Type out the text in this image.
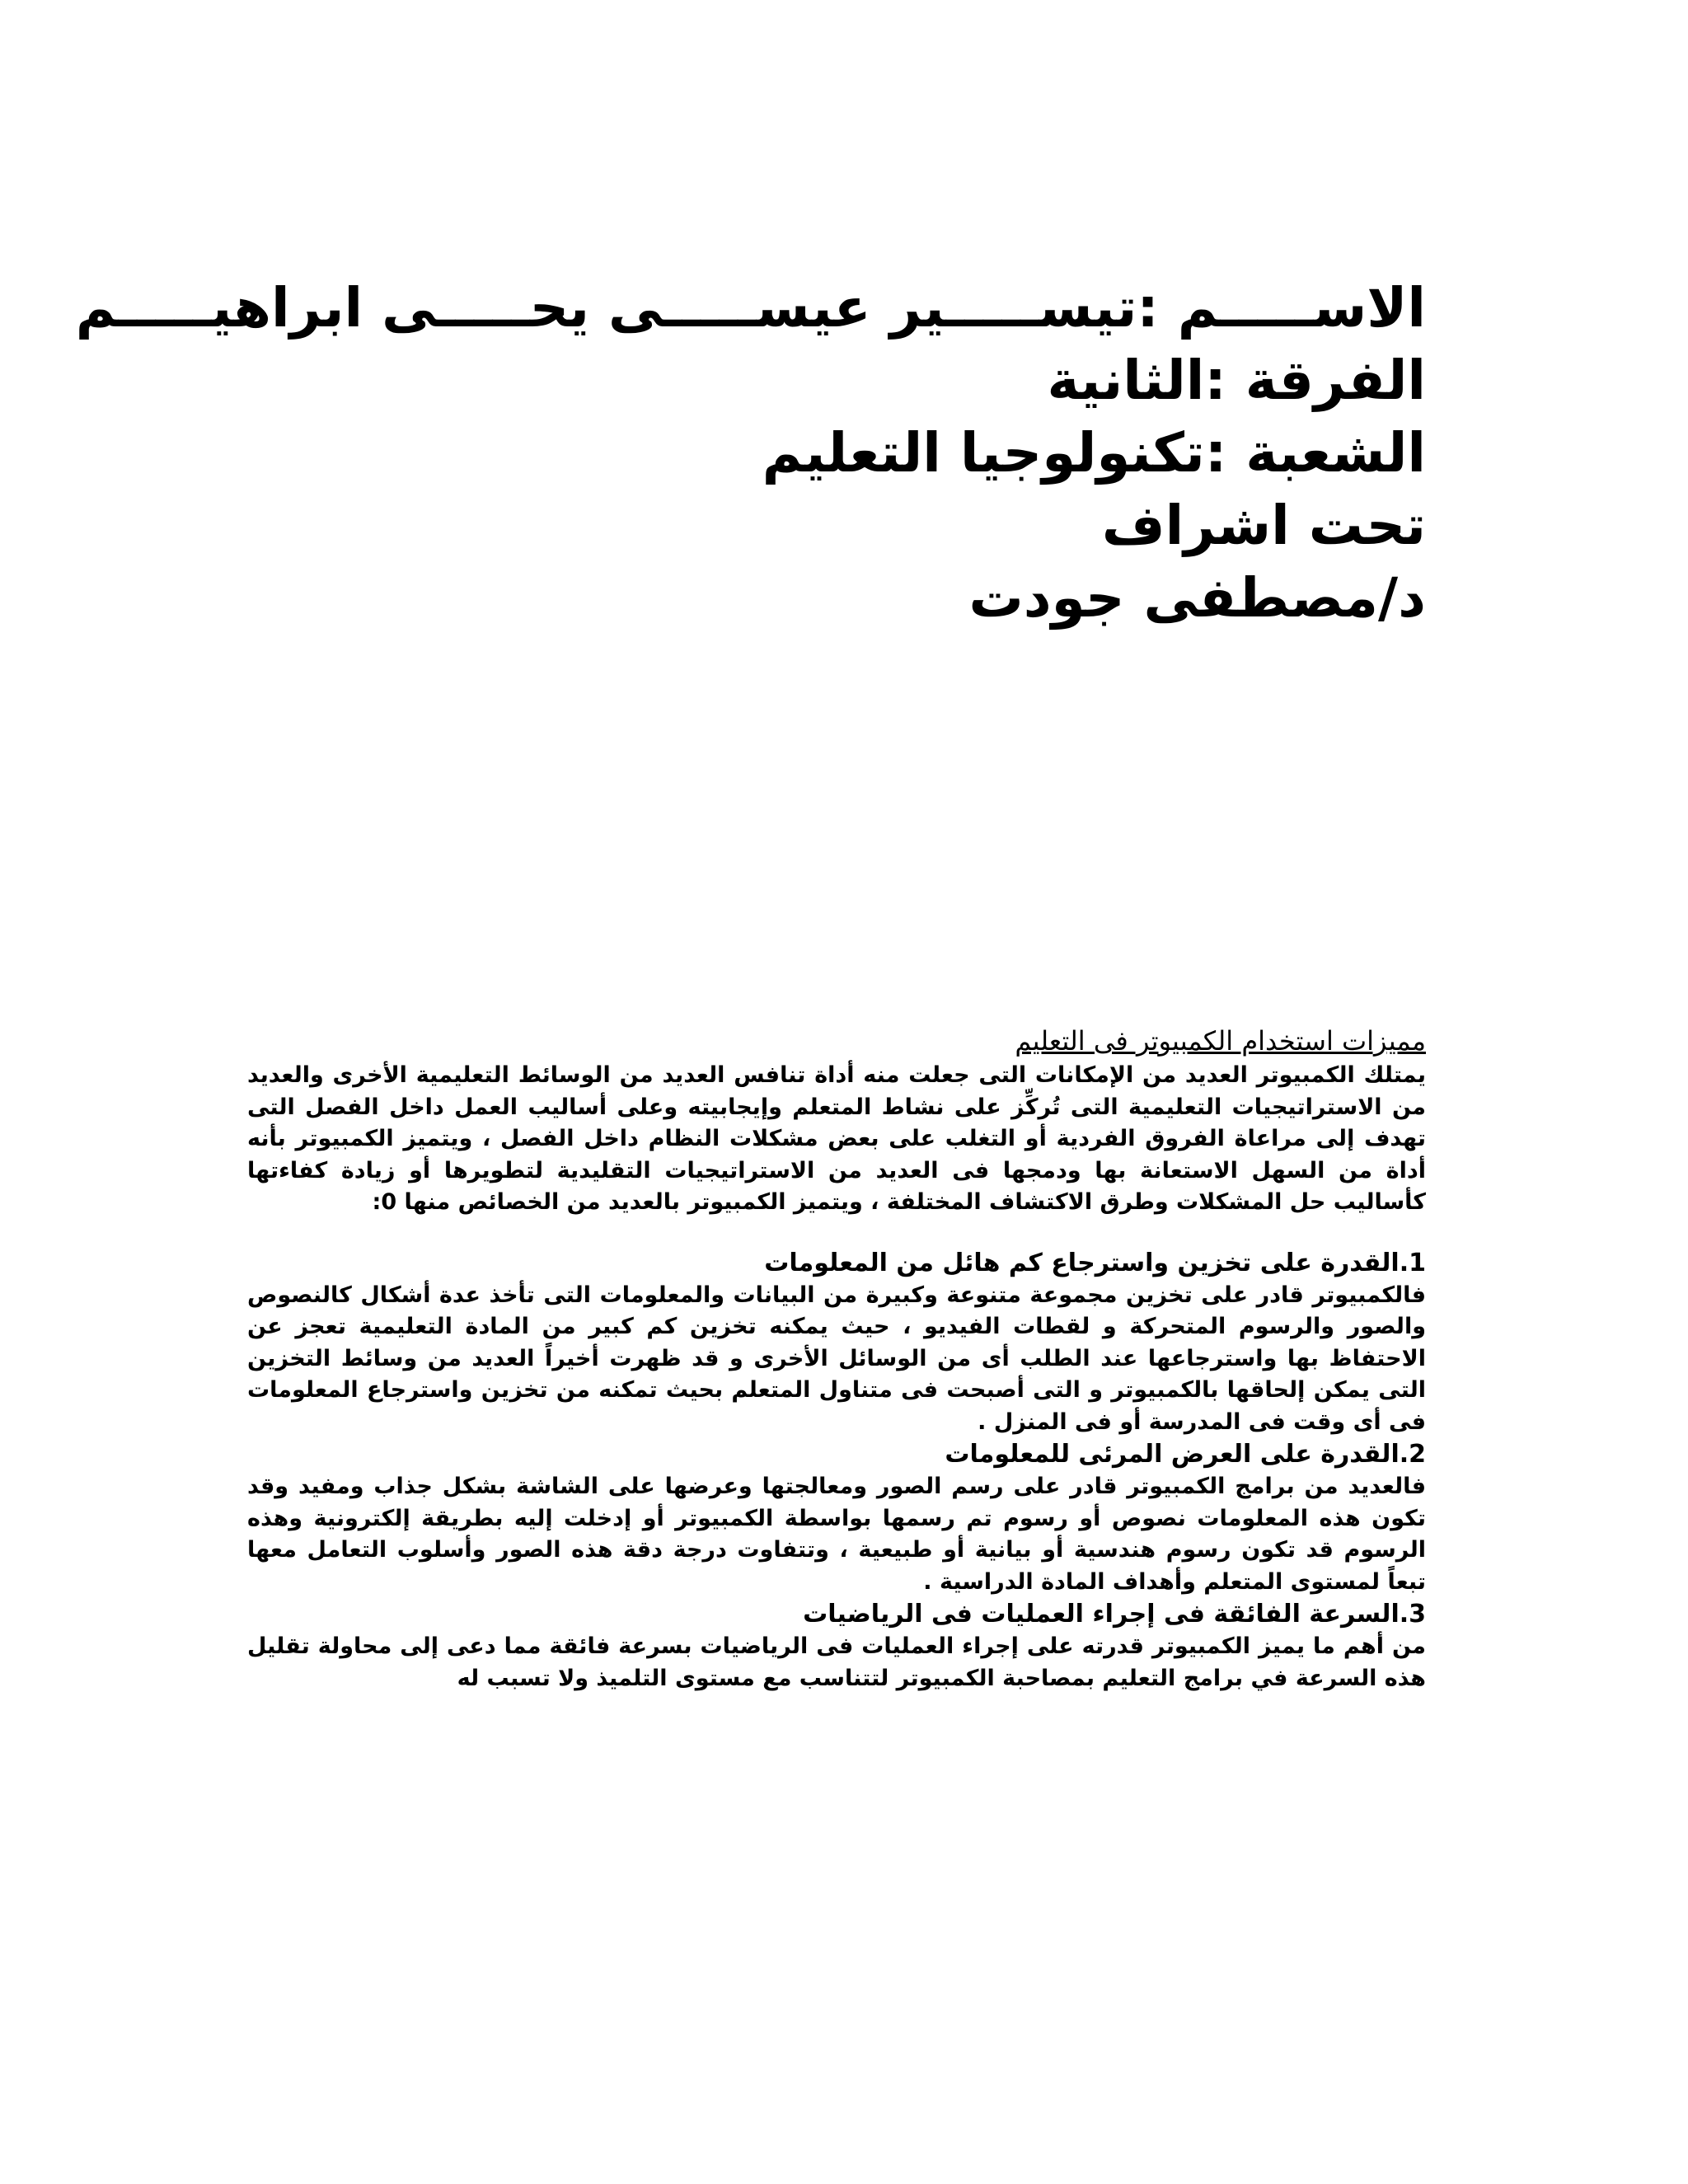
الاســـــم :تيســـــير عيســـــى يحـــــى ابراهيـــــم

الفرقة :الثانية

الشعبة :تكنولوجيا التعليم

تحت اشراف

د/مصطفى جودت

مميزات استخدام الكمبيوتر فى التعليم

يمتلك الكمبيوتر العديد من الإمكانات التى جعلت منه أداة تنافس العديد من الوسائط التعليمية الأخرى والعديد من الاستراتيجيات التعليمية التى تُركِّز على نشاط المتعلم وإيجابيته وعلى أساليب العمل داخل الفصل التى تهدف إلى مراعاة الفروق الفردية أو التغلب على بعض مشكلات النظام داخل الفصل ، ويتميز الكمبيوتر بأنه أداة من السهل الاستعانة بها ودمجها فى العديد من الاستراتيجيات التقليدية لتطويرها أو زيادة كفاءتها كأساليب حل المشكلات وطرق الاكتشاف المختلفة ، ويتميز الكمبيوتر بالعديد من الخصائص منها 0:

1.القدرة على تخزين واسترجاع كم هائل من المعلومات

فالكمبيوتر قادر على تخزين مجموعة متنوعة وكبيرة من البيانات والمعلومات التى تأخذ عدة أشكال كالنصوص والصور والرسوم المتحركة و لقطات الفيديو ، حيث يمكنه تخزين كم كبير من المادة التعليمية تعجز عن الاحتفاظ بها واسترجاعها عند الطلب أى من الوسائل الأخرى و قد ظهرت أخيراً العديد من وسائط التخزين التى يمكن إلحاقها بالكمبيوتر و التى أصبحت فى متناول المتعلم بحيث تمكنه من تخزين واسترجاع المعلومات فى أى وقت فى المدرسة أو فى المنزل .

2.القدرة على العرض المرئى للمعلومات

فالعديد من برامج الكمبيوتر قادر على رسم الصور ومعالجتها وعرضها على الشاشة بشكل جذاب ومفيد وقد تكون هذه المعلومات نصوص أو رسوم تم رسمها بواسطة الكمبيوتر أو إدخلت إليه بطريقة إلكترونية وهذه الرسوم قد تكون رسوم هندسية أو بيانية أو طبيعية ، وتتفاوت درجة دقة هذه الصور وأسلوب التعامل معها تبعاً لمستوى المتعلم وأهداف المادة الدراسية .

3.السرعة الفائقة فى إجراء العمليات فى الرياضيات

من أهم ما يميز الكمبيوتر قدرته على إجراء العمليات فى الرياضيات بسرعة فائقة مما دعى إلى محاولة تقليل هذه السرعة في برامج التعليم بمصاحبة الكمبيوتر لتتناسب مع مستوى التلميذ ولا تسبب له
